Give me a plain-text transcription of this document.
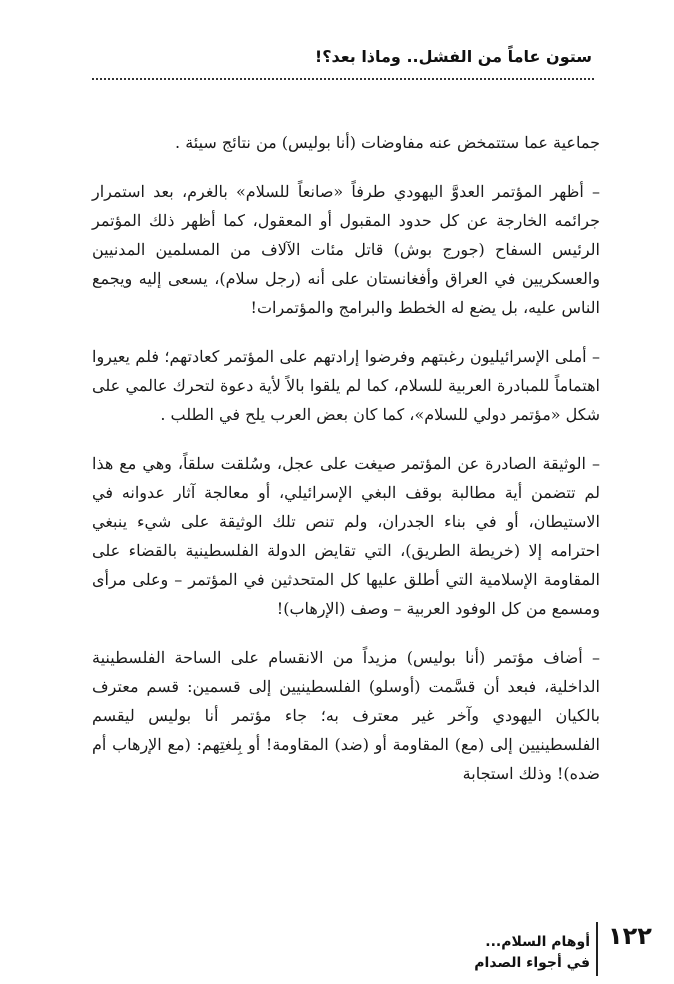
ستون عاماً من الفشل.. وماذا بعد؟!

جماعية عما ستتمخض عنه مفاوضات (أنا بوليس) من نتائج سيئة .

– أظهر المؤتمر العدوَّ اليهودي طرفاً «صانعاً للسلام» بالغرم، بعد استمرار جرائمه الخارجة عن كل حدود المقبول أو المعقول، كما أظهر ذلك المؤتمر الرئيس السفاح (جورج بوش) قاتل مئات الآلاف من المسلمين المدنيين والعسكريين في العراق وأفغانستان على أنه (رجل سلام)، يسعى إليه ويجمع الناس عليه، بل يضع له الخطط والبرامج والمؤتمرات!

– أملى الإسرائيليون رغبتهم وفرضوا إرادتهم على المؤتمر كعادتهم؛ فلم يعيروا اهتماماً للمبادرة العربية للسلام، كما لم يلقوا بالاً لأية دعوة لتحرك عالمي على شكل «مؤتمر دولي للسلام»، كما كان بعض العرب يلح في الطلب .

– الوثيقة الصادرة عن المؤتمر صيغت على عجل، وسُلقت سلقاً، وهي مع هذا لم تتضمن أية مطالبة بوقف البغي الإسرائيلي، أو معالجة آثار عدوانه في الاستيطان، أو في بناء الجدران، ولم تنص تلك الوثيقة على شيء ينبغي احترامه إلا (خريطة الطريق)، التي تقايض الدولة الفلسطينية بالقضاء على المقاومة الإسلامية التي أطلق عليها كل المتحدثين في المؤتمر – وعلى مرأى ومسمع من كل الوفود العربية – وصف (الإرهاب)!

– أضاف مؤتمر (أنا بوليس) مزيداً من الانقسام على الساحة الفلسطينية الداخلية، فبعد أن قسَّمت (أوسلو) الفلسطينيين إلى قسمين: قسم معترف بالكيان اليهودي وآخر غير معترف به؛ جاء مؤتمر أنا بوليس ليقسم الفلسطينيين إلى (مع) المقاومة أو (ضد) المقاومة! أو بِلغتِهم: (مع الإرهاب أم ضده)! وذلك استجابة

١٢٢
أوهام السلام...
في أجواء الصدام
